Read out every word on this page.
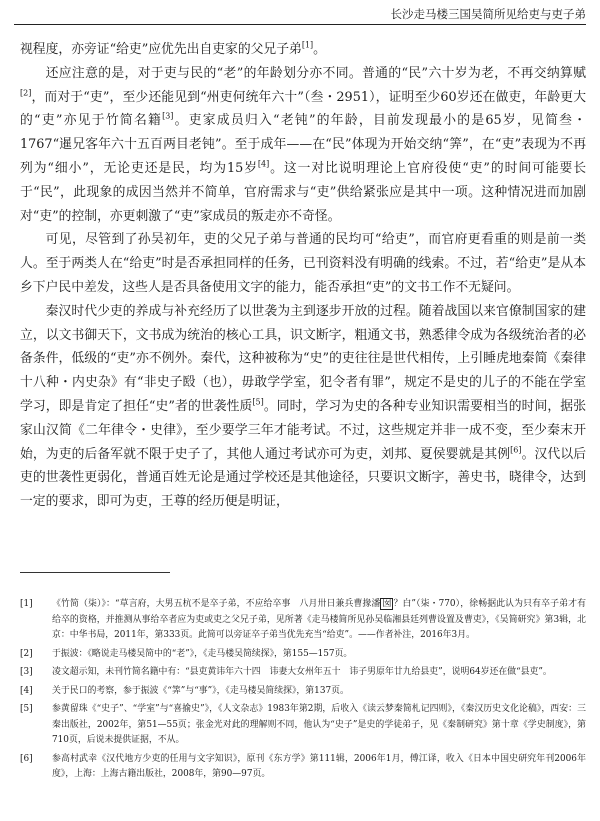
长沙走马楼三国吴简所见给吏与吏子弟

视程度，亦旁证“给吏”应优先出自吏家的父兄子弟[1]。

还应注意的是，对于吏与民的“老”的年龄划分亦不同。普通的“民”六十岁为老，不再交纳算赋[2]，而对于“吏”，至少还能见到“州吏何统年六十”（叁・2951），证明至少60岁还在做吏，年龄更大的“吏”亦见于竹简名籍[3]。吏家成员归入“老钝”的年龄，目前发现最小的是65岁，见简叁・1767“暹兄客年六十五百两目老钝”。至于成年——在“民”体现为开始交纳“筭”，在“吏”表现为不再列为“细小”，无论吏还是民，均为15岁[4]。这一对比说明理论上官府役使“吏”的时间可能要长于“民”，此现象的成因当然并不简单，官府需求与“吏”供给紧张应是其中一项。这种情况进而加剧对“吏”的控制，亦更刺激了“吏”家成员的叛走亦不奇怪。

可见，尽管到了孙吴初年，吏的父兄子弟与普通的民均可“给吏”，而官府更看重的则是前一类人。至于两类人在“给吏”时是否承担同样的任务，已刊资料没有明确的线索。不过，若“给吏”是从本乡下户民中差发，这些人是否具备使用文字的能力，能否承担“吏”的文书工作不无疑问。

秦汉时代少吏的养成与补充经历了以世袭为主到逐步开放的过程。随着战国以来官僚制国家的建立，以文书御天下，文书成为统治的核心工具，识文断字，粗通文书，熟悉律令成为各级统治者的必备条件，低级的“吏”亦不例外。秦代，这种被称为“史”的吏往往是世代相传，上引睡虎地秦简《秦律十八种・内史杂》有“非史子殹（也），毋敢学学室，犯令者有罪”，规定不是史的儿子的不能在学室学习，即是肯定了担任“史”者的世袭性质[5]。同时，学习为史的各种专业知识需要相当的时间，据张家山汉简《二年律令・史律》，至少要学三年才能考试。不过，这些规定并非一成不变，至少秦末开始，为吏的后备军就不限于史子了，其他人通过考试亦可为吏，刘邦、夏侯婴就是其例[6]。汉代以后吏的世袭性更弱化，普通百姓无论是通过学校还是其他途径，只要识文断字，善史书，晓律令，达到一定的要求，即可为吏，王尊的经历便是明证，

[1]	《竹简（柒）》：“草言府，大男五杭不是卒子弟，不应给卒事　八月卅日兼兵曹掾潘 囡 ？白”（柒・770），徐畅据此认为只有卒子弟才有给卒的资格，并推测从事给卒者应为吏或吏之父兄子弟，见所著《走马楼简所见孙吴临湘县廷列曹设置及曹吏》，《吴简研究》第3辑，北京：中华书局，2011年，第333页。此简可以旁证卒子弟当优先充当“给吏”。——作者补注，2016年3月。
[2]	于振波：《略说走马楼吴简中的“老”》，《走马楼吴简续探》，第155—157页。
[3]	凌文超示知，未刊竹简名籍中有：“县吏黄讳年六十四　讳妻大女州年五十　讳子男原年廿九给县吏”，说明64岁还在做“县吏”。
[4]	关于民口的考察，参于振波《“筭”与“事”》，《走马楼吴简续探》，第137页。
[5]	参黄留珠《“史子”、“学室”与“喜揄史”》，《人文杂志》1983年第2期，后收入《读云梦秦简札记四则》，《秦汉历史文化论稿》，西安：三秦出版社，2002年，第51—55页；张金光对此的理解则不同，他认为“史子”是史的学徒弟子，见《秦制研究》第十章《学史制度》，第710页，后说未提供证据，不从。
[6]	参高村武幸《汉代地方少吏的任用与文字知识》，原刊《东方学》第111辑，2006年1月，傅江译，收入《日本中国史研究年刊2006年度》，上海：上海古籍出版社，2008年，第90—97页。
